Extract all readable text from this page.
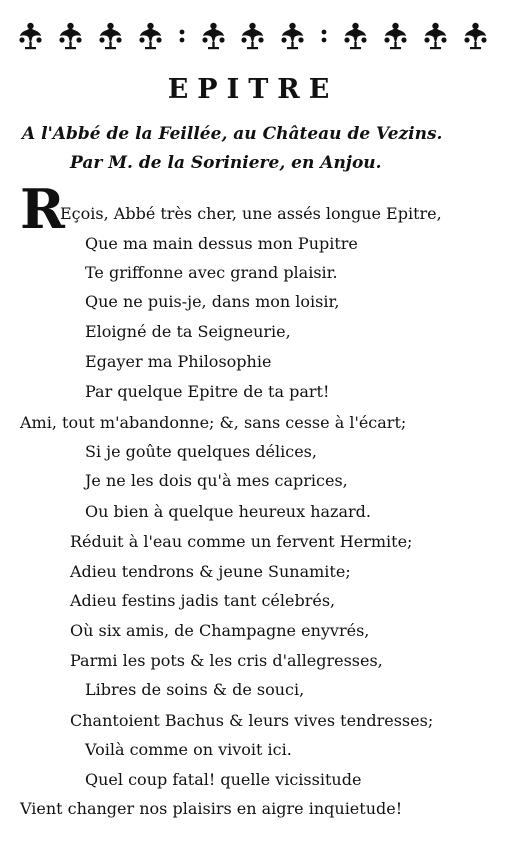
EPITRE
A l'Abbé de la Feillée, au Château de Vezins.
Par M. de la Soriniere, en Anjou.
R
Eçois, Abbé très cher, une assés longue Epitre,
Que ma main dessus mon Pupitre
Te griffonne avec grand plaisir.
Que ne puis-je, dans mon loisir,
Eloigné de ta Seigneurie,
Egayer ma Philosophie
Par quelque Epitre de ta part!
Ami, tout m'abandonne; &, sans cesse à l'écart;
Si je goûte quelques délices,
Je ne les dois qu'à mes caprices,
Ou bien à quelque heureux hazard.
Réduit à l'eau comme un fervent Hermite;
Adieu tendrons & jeune Sunamite;
Adieu festins jadis tant célebrés,
Où six amis, de Champagne enyvrés,
Parmi les pots & les cris d'allegresses,
Libres de soins & de souci,
Chantoient Bachus & leurs vives tendresses;
Voilà comme on vivoit ici.
Quel coup fatal! quelle vicissitude
Vient changer nos plaisirs en aigre inquietude!
